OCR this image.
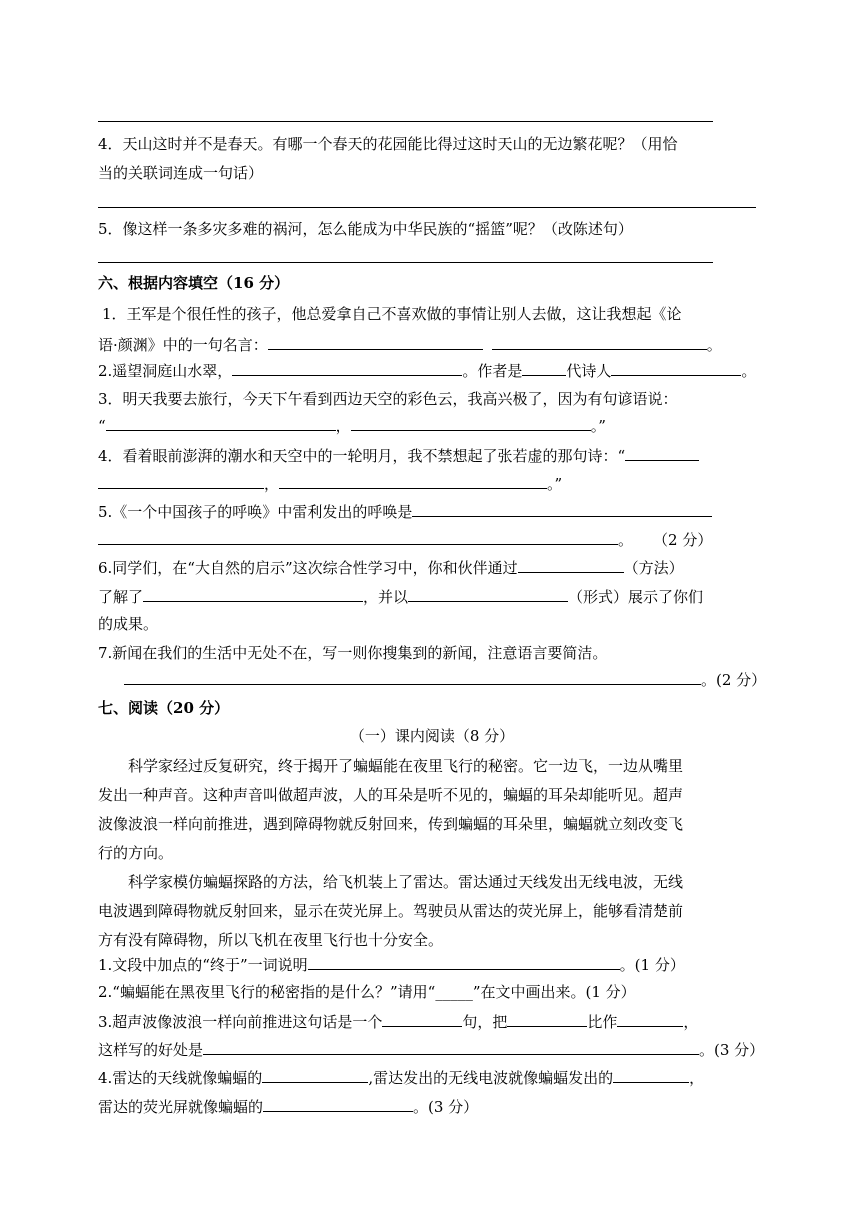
4．天山这时并不是春天。有哪一个春天的花园能比得过这时天山的无边繁花呢？（用恰
当的关联词连成一句话）
5．像这样一条多灾多难的祸河，怎么能成为中华民族的“摇篮”呢？（改陈述句）
六、根据内容填空（16 分）
1．王军是个很任性的孩子，他总爱拿自己不喜欢做的事情让别人去做，这让我想起《论
语·颜渊》中的一句名言：	。
2.遥望洞庭山水翠，	。作者是	代诗人	。
3．明天我要去旅行，今天下午看到西边天空的彩色云，我高兴极了，因为有句谚语说：
“	，	。”
4．看着眼前澎湃的潮水和天空中的一轮明月，我不禁想起了张若虚的那句诗：“
，	。”
5.《一个中国孩子的呼唤》中雷利发出的呼唤是
。 （2 分）
6.同学们，在“大自然的启示”这次综合性学习中，你和伙伴通过	（方法）
了解了	，并以	（形式）展示了你们
的成果。
7.新闻在我们的生活中无处不在，写一则你搜集到的新闻，注意语言要简洁。
。(2 分）
七、阅读（20 分）
（一）课内阅读（8 分）
科学家经过反复研究，终于揭开了蝙蝠能在夜里飞行的秘密。它一边飞，一边从嘴里
发出一种声音。这种声音叫做超声波，人的耳朵是听不见的，蝙蝠的耳朵却能听见。超声
波像波浪一样向前推进，遇到障碍物就反射回来，传到蝙蝠的耳朵里，蝙蝠就立刻改变飞
行的方向。
科学家模仿蝙蝠探路的方法，给飞机装上了雷达。雷达通过天线发出无线电波，无线
电波遇到障碍物就反射回来，显示在荧光屏上。驾驶员从雷达的荧光屏上，能够看清楚前
方有没有障碍物，所以飞机在夜里飞行也十分安全。
1.文段中加点的“终于”一词说明	。(1 分）
2.“蝙蝠能在黑夜里飞行的秘密指的是什么？”请用“_____”在文中画出来。(1 分）
3.超声波像波浪一样向前推进这句话是一个	句，把	比作	，
这样写的好处是	。(3 分）
4.雷达的天线就像蝙蝠的	,雷达发出的无线电波就像蝙蝠发出的	，
雷达的荧光屏就像蝙蝠的	。(3 分）
